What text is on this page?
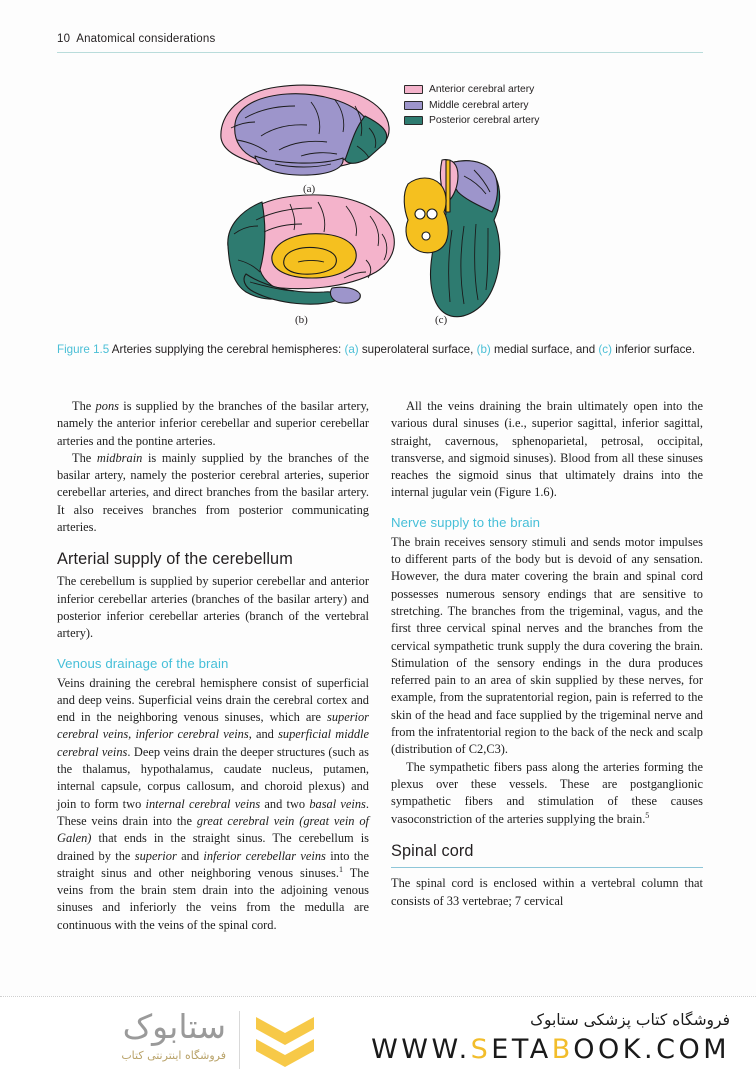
10 Anatomical considerations
(a)
(b)	(c)
Anterior cerebral artery
Middle cerebral artery
Posterior cerebral artery
Figure 1.5 Arteries supplying the cerebral hemispheres: (a) superolateral surface, (b) medial surface, and (c) inferior surface.

The pons is supplied by the branches of the basilar artery, namely the anterior inferior cerebellar and superior cerebellar arteries and the pontine arteries.

The midbrain is mainly supplied by the branches of the basilar artery, namely the posterior cerebral arteries, superior cerebellar arteries, and direct branches from the basilar artery. It also receives branches from posterior communicating arteries.

Arterial supply of the cerebellum

The cerebellum is supplied by superior cerebellar and anterior inferior cerebellar arteries (branches of the basilar artery) and posterior inferior cerebellar arteries (branch of the vertebral artery).

Venous drainage of the brain

Veins draining the cerebral hemisphere consist of superficial and deep veins. Superficial veins drain the cerebral cortex and end in the neighboring venous sinuses, which are superior cerebral veins, inferior cerebral veins, and superficial middle cerebral veins. Deep veins drain the deeper structures (such as the thalamus, hypothalamus, caudate nucleus, putamen, internal capsule, corpus callosum, and choroid plexus) and join to form two internal cerebral veins and two basal veins. These veins drain into the great cerebral vein (great vein of Galen) that ends in the straight sinus. The cerebellum is drained by the superior and inferior cerebellar veins into the straight sinus and other neighboring venous sinuses.$^1$ The veins from the brain stem drain into the adjoining venous sinuses and inferiorly the veins from the medulla are continuous with the veins of the spinal cord.

All the veins draining the brain ultimately open into the various dural sinuses (i.e., superior sagittal, inferior sagittal, straight, cavernous, sphenoparietal, petrosal, occipital, transverse, and sigmoid sinuses). Blood from all these sinuses reaches the sigmoid sinus that ultimately drains into the internal jugular vein (Figure 1.6).

Nerve supply to the brain

The brain receives sensory stimuli and sends motor impulses to different parts of the body but is devoid of any sensation. However, the dura mater covering the brain and spinal cord possesses numerous sensory endings that are sensitive to stretching. The branches from the trigeminal, vagus, and the first three cervical spinal nerves and the branches from the cervical sympathetic trunk supply the dura covering the brain. Stimulation of the sensory endings in the dura produces referred pain to an area of skin supplied by these nerves, for example, from the supratentorial region, pain is referred to the skin of the head and face supplied by the trigeminal nerve and from the infratentorial region to the back of the neck and scalp (distribution of C2,C3).

The sympathetic fibers pass along the arteries forming the plexus over these vessels. These are postganglionic sympathetic fibers and stimulation of these causes vasoconstriction of the arteries supplying the brain.$^5$

Spinal cord

The spinal cord is enclosed within a vertebral column that consists of 33 vertebrae; 7 cervical

ستابوک
فروشگاه اینترنتی کتاب
فروشگاه کتاب پزشکی ستابوک
WWW.SETABOOK.COM
